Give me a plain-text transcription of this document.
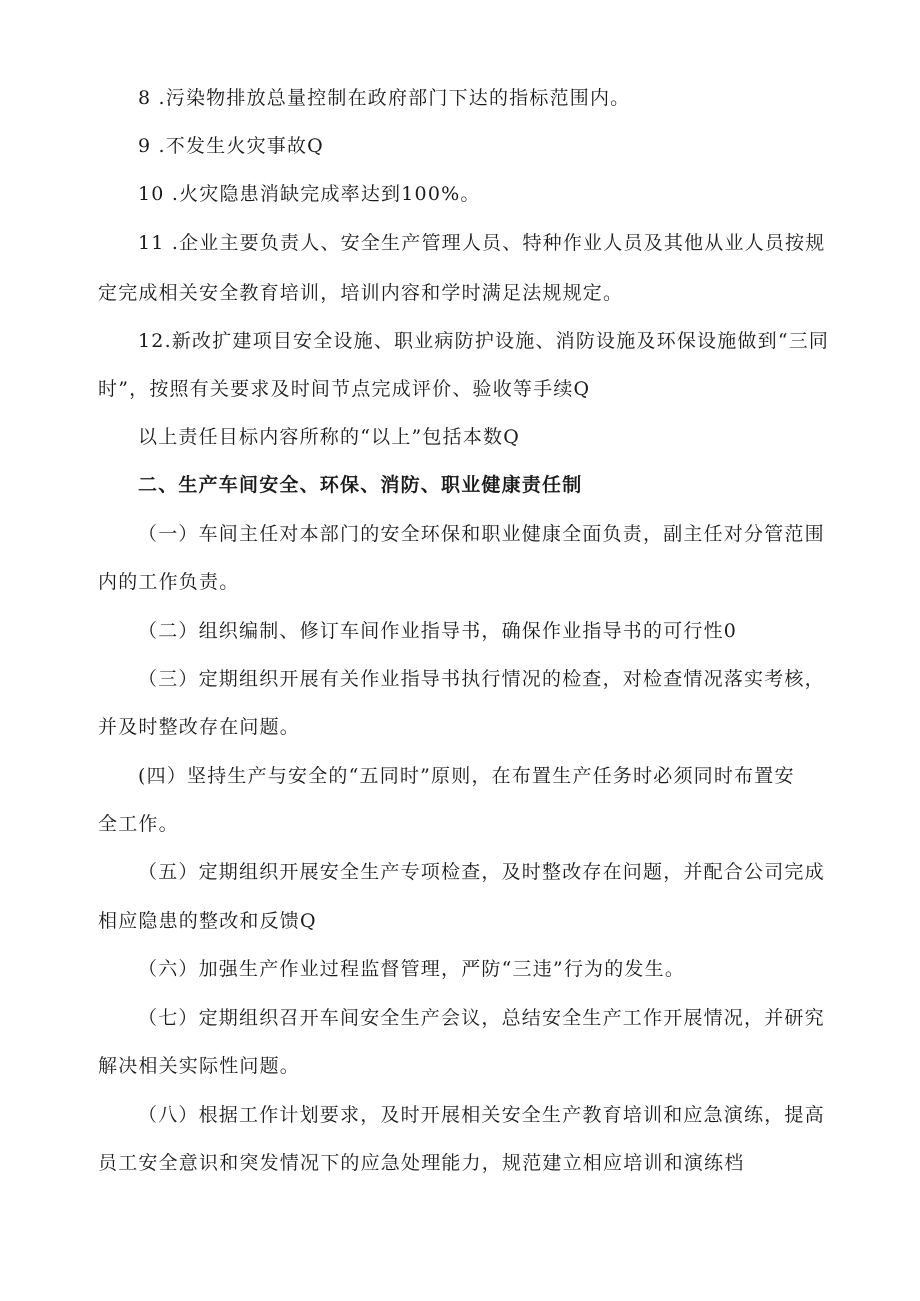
8 .污染物排放总量控制在政府部门下达的指标范围内。
9 .不发生火灾事故Q
10 .火灾隐患消缺完成率达到100%。
11 .企业主要负责人、安全生产管理人员、特种作业人员及其他从业人员按规
定完成相关安全教育培训，培训内容和学时满足法规规定。
12.新改扩建项目安全设施、职业病防护设施、消防设施及环保设施做到“三同
时”，按照有关要求及时间节点完成评价、验收等手续Q
以上责任目标内容所称的“以上”包括本数Q
二、生产车间安全、环保、消防、职业健康责任制
（一）车间主任对本部门的安全环保和职业健康全面负责，副主任对分管范围
内的工作负责。
（二）组织编制、修订车间作业指导书，确保作业指导书的可行性0
（三）定期组织开展有关作业指导书执行情况的检查，对检查情况落实考核，
并及时整改存在问题。
(四）坚持生产与安全的“五同时”原则，在布置生产任务时必须同时布置安
全工作。
（五）定期组织开展安全生产专项检查，及时整改存在问题，并配合公司完成
相应隐患的整改和反馈Q
（六）加强生产作业过程监督管理，严防“三违”行为的发生。
（七）定期组织召开车间安全生产会议，总结安全生产工作开展情况，并研究
解决相关实际性问题。
（八）根据工作计划要求，及时开展相关安全生产教育培训和应急演练，提高
员工安全意识和突发情况下的应急处理能力，规范建立相应培训和演练档
